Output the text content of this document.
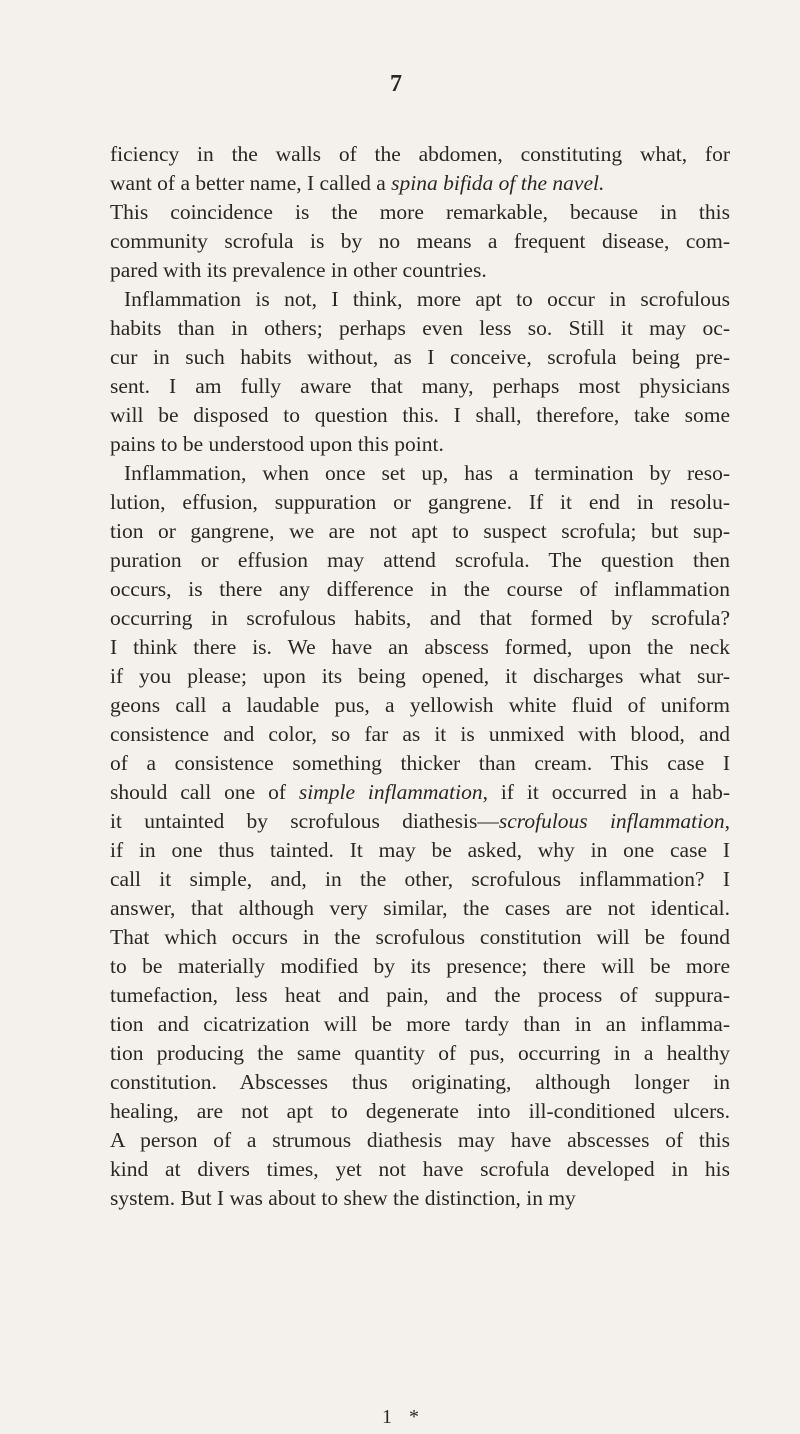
7
ficiency in the walls of the abdomen, constituting what, for
want of a better name, I called a spina bifida of the navel.
This coincidence is the more remarkable, because in this
community scrofula is by no means a frequent disease, com-
pared with its prevalence in other countries.
Inflammation is not, I think, more apt to occur in scrofulous
habits than in others; perhaps even less so. Still it may oc-
cur in such habits without, as I conceive, scrofula being pre-
sent. I am fully aware that many, perhaps most physicians
will be disposed to question this. I shall, therefore, take some
pains to be understood upon this point.
Inflammation, when once set up, has a termination by reso-
lution, effusion, suppuration or gangrene. If it end in resolu-
tion or gangrene, we are not apt to suspect scrofula; but sup-
puration or effusion may attend scrofula. The question then
occurs, is there any difference in the course of inflammation
occurring in scrofulous habits, and that formed by scrofula?
I think there is. We have an abscess formed, upon the neck
if you please; upon its being opened, it discharges what sur-
geons call a laudable pus, a yellowish white fluid of uniform
consistence and color, so far as it is unmixed with blood, and
of a consistence something thicker than cream. This case I
should call one of simple inflammation, if it occurred in a hab-
it untainted by scrofulous diathesis—scrofulous inflammation,
if in one thus tainted. It may be asked, why in one case I
call it simple, and, in the other, scrofulous inflammation? I
answer, that although very similar, the cases are not identical.
That which occurs in the scrofulous constitution will be found
to be materially modified by its presence; there will be more
tumefaction, less heat and pain, and the process of suppura-
tion and cicatrization will be more tardy than in an inflamma-
tion producing the same quantity of pus, occurring in a healthy
constitution. Abscesses thus originating, although longer in
healing, are not apt to degenerate into ill-conditioned ulcers.
A person of a strumous diathesis may have abscesses of this
kind at divers times, yet not have scrofula developed in his
system. But I was about to shew the distinction, in my
1 *
